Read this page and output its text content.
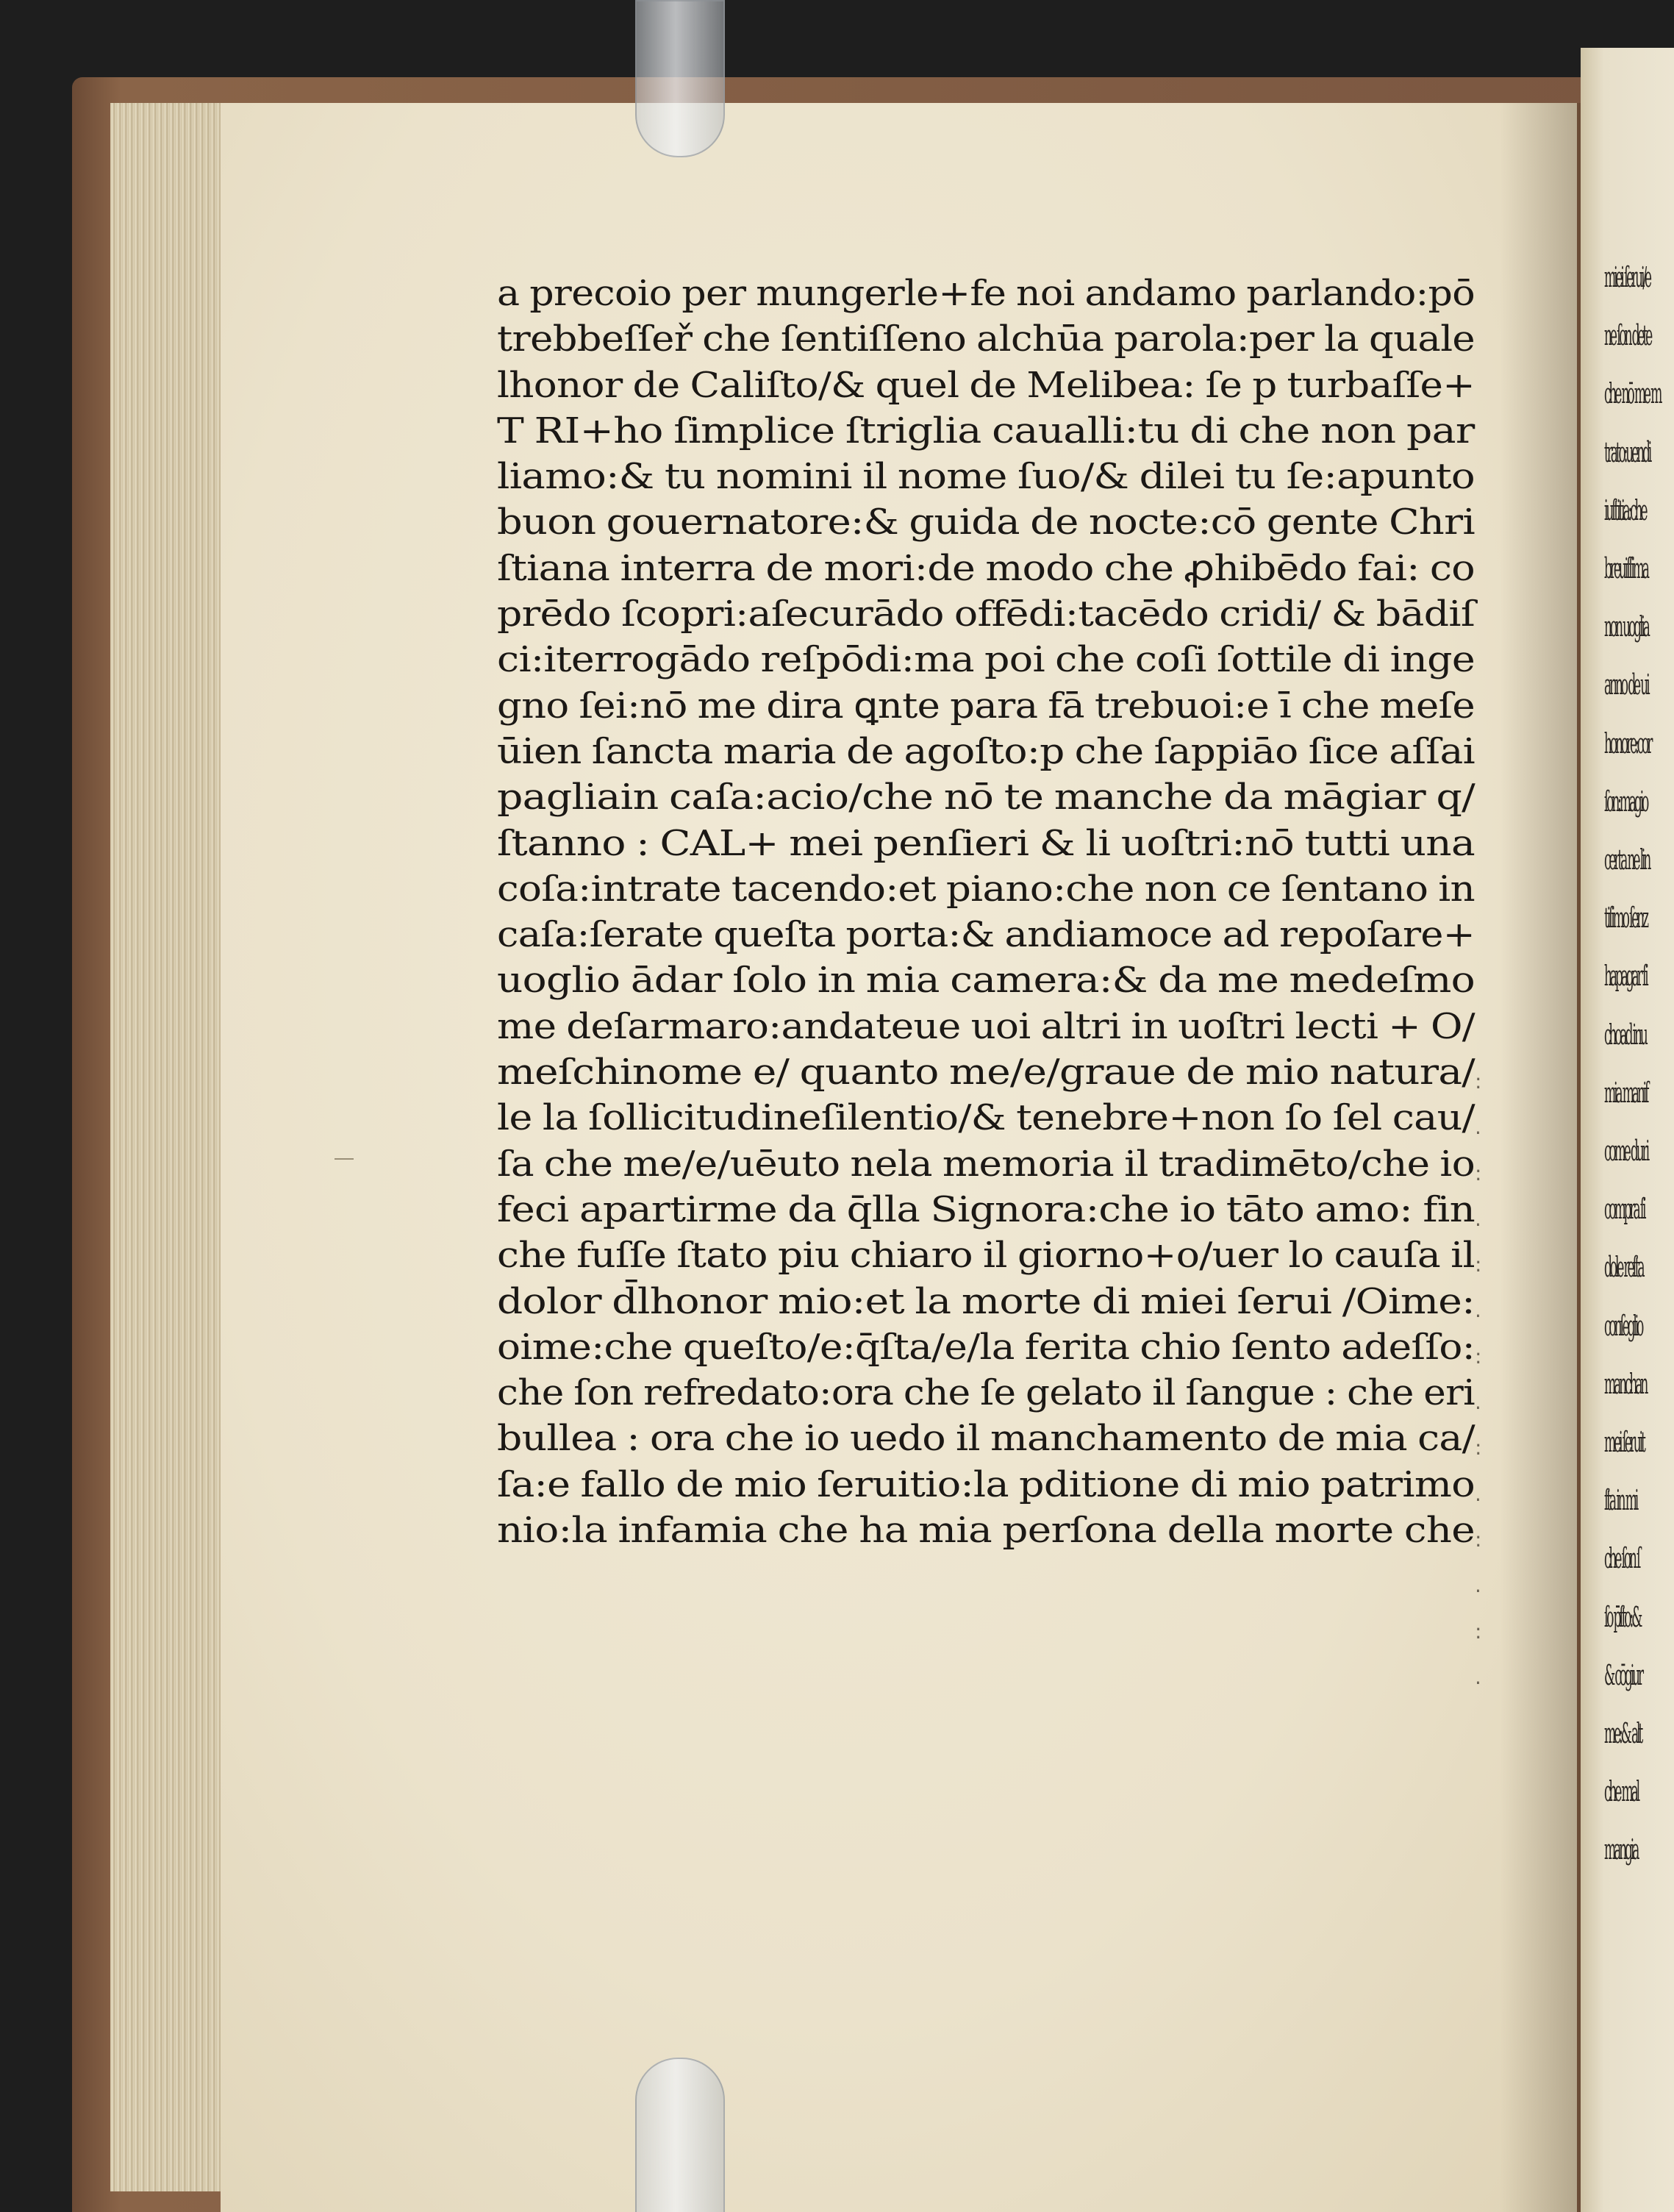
miei ſerui/e
ne ſon dete
che nō me m
trato:uendi
iuſtitia:che
breuiſſima
non uoglia
anno de ui
honore:cor
ſon:magio
certa ne lin
tiſimo ſenz
hapagar ſi
choad inu
mia manif
come duri
compra ſi
dole reſta
conſeglio
manchan
mei ſeruit
ſta in mi
che ſon ſ
ſo p̄ſto:&
& cōgiur
me:& alt
che mal
mangia
a precoio per mungerle+fe noi andamo parlando:pō
trebbeſſeř che ſentiſſeno alchūa parola:per la quale
lhonor de Caliſto/& quel de Melibea: ſe p turbaſſe+
T RI+ho ſimplice ſtriglia caualli:tu di che non par
liamo:& tu nomini il nome ſuo/& dilei tu ſe:apunto
buon gouernatore:& guida de nocte:cō gente Chri
ſtiana interra de mori:de modo che ꝓhibēdo fai: co
prēdo ſcopri:aſecurādo offēdi:tacēdo cridi/ & bādiſ
ci:iterrogādo reſpōdi:ma poi che coſi ſottile di inge
gno ſei:nō me dira ꝗnte para fā trebuoi:e ī che meſe
ūien ſancta maria de agoſto:p che ſappiāo ſice aſſai
pagliain caſa:acio/che nō te manche da māgiar q/
ſtanno : CAL+ mei penſieri & li uoſtri:nō tutti una
coſa:intrate tacendo:et piano:che non ce ſentano in
caſa:ſerate queſta porta:& andiamoce ad repoſare+
uoglio ādar ſolo in mia camera:& da me medeſmo
me deſarmaro:andateue uoi altri in uoſtri lecti + O/
meſchinome e/ quanto me/e/graue de mio natura/
le la ſollicitudineſilentio/& tenebre+non ſo ſel cau/
ſa che me/e/uēuto nela memoria il tradimēto/che io
feci apartirme da q̄lla Signora:che io tāto amo: fin
che fuſſe ſtato piu chiaro il giorno+o/uer lo cauſa il
dolor d̄lhonor mio:et la morte di miei ſerui /Oime:
oime:che queſto/e:q̄ſta/e/la ferita chio ſento adeſſo:
che ſon refredato:ora che ſe gelato il ſangue : che eri
bullea : ora che io uedo il manchamento de mia ca/
ſa:e fallo de mio ſeruitio:la pditione di mio patrimo
nio:la infamia che ha mia perſona della morte che
:
.
:
.
:
.
:
.
:
.
:
.
:
.
